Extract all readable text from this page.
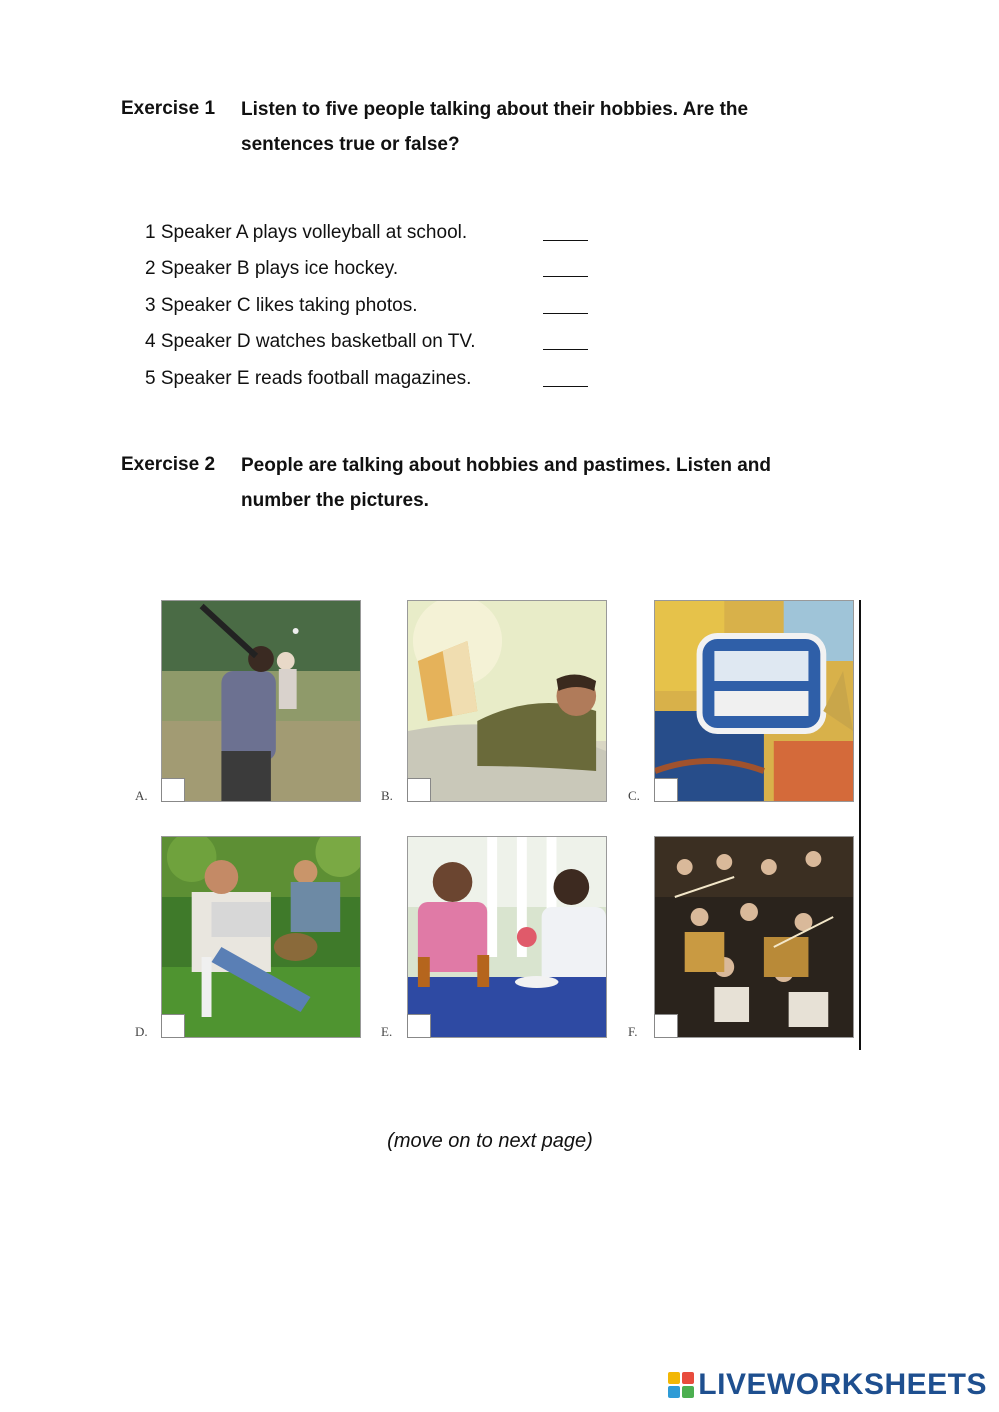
Exercise 1 Listen to five people talking about their hobbies. Are the sentences true or false?
1 Speaker A plays volleyball at school.
2 Speaker B plays ice hockey.
3 Speaker C likes taking photos.
4 Speaker D watches basketball on TV.
5 Speaker E reads football magazines.
Exercise 2 People are talking about hobbies and pastimes. Listen and number the pictures.
A.	B.	C.
D.	E.	F.
(move on to next page)
LIVEWORKSHEETS
